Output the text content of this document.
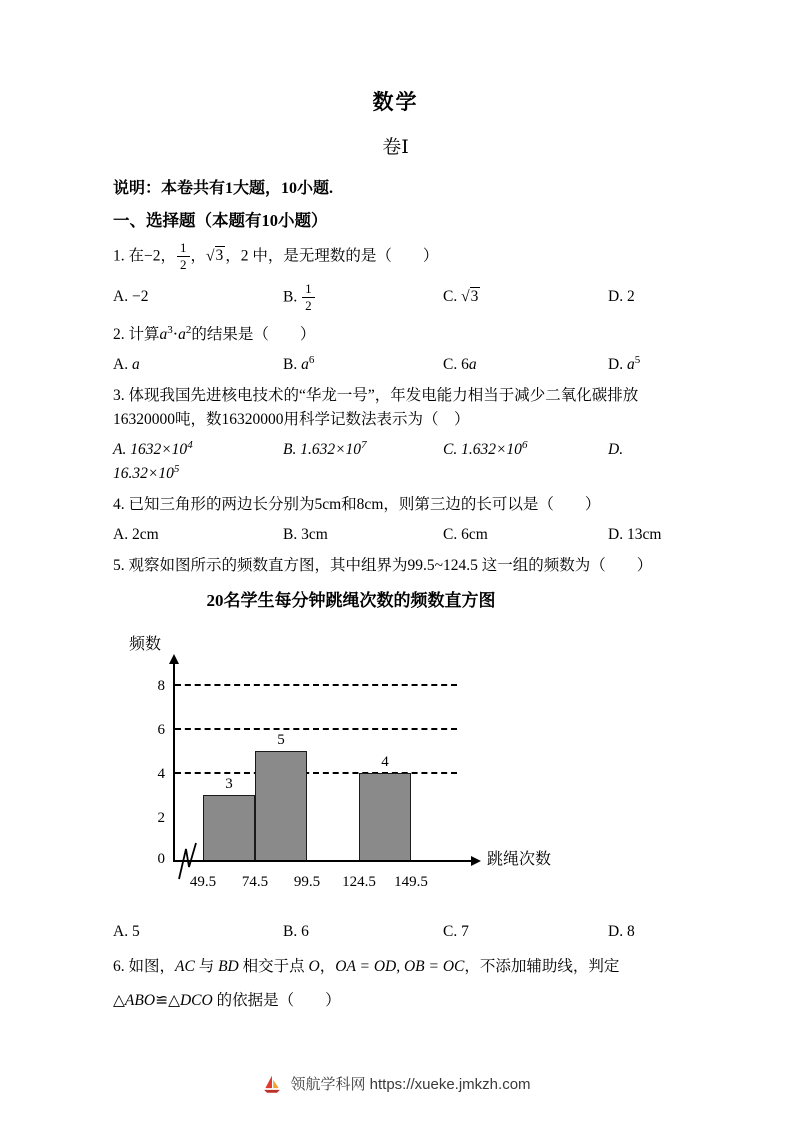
数学
卷Ⅰ
说明：本卷共有1大题，10小题.
一、选择题（本题有10小题）
1. 在−2， $\frac{1}{2}$ ，√3 ，2 中，是无理数的是（　　）
A. −2	B. $\frac{1}{2}$	C. √3	D. 2
2. 计算$a^3\cdot a^2$的结果是（　　）
A. a	B. $a^6$	C. 6a	D. $a^5$
3. 体现我国先进核电技术的“华龙一号”，年发电能力相当于减少二氧化碳排放16320000吨，数16320000用科学记数法表示为（　）
A. $1632\times 10^4$	B. $1.632\times 10^7$	C. $1.632\times 10^6$	D.
$16.32\times 10^5$
4. 已知三角形的两边长分别为5cm和8cm，则第三边的长可以是（　　）
A. 2cm	B. 3cm	C. 6cm	D. 13cm
5. 观察如图所示的频数直方图，其中组界为99.5~124.5 这一组的频数为（　　）
20名学生每分钟跳绳次数的频数直方图
频数
3
5
4
0
2
4
6
8
49.5	74.5	99.5	124.5	149.5
跳绳次数
A. 5	B. 6	C. 7	D. 8
6. 如图，AC 与 BD 相交于点 O，OA = OD, OB = OC，不添加辅助线，判定
△ABO≌△DCO 的依据是（　　）
领航学科网 https://xueke.jmkzh.com
